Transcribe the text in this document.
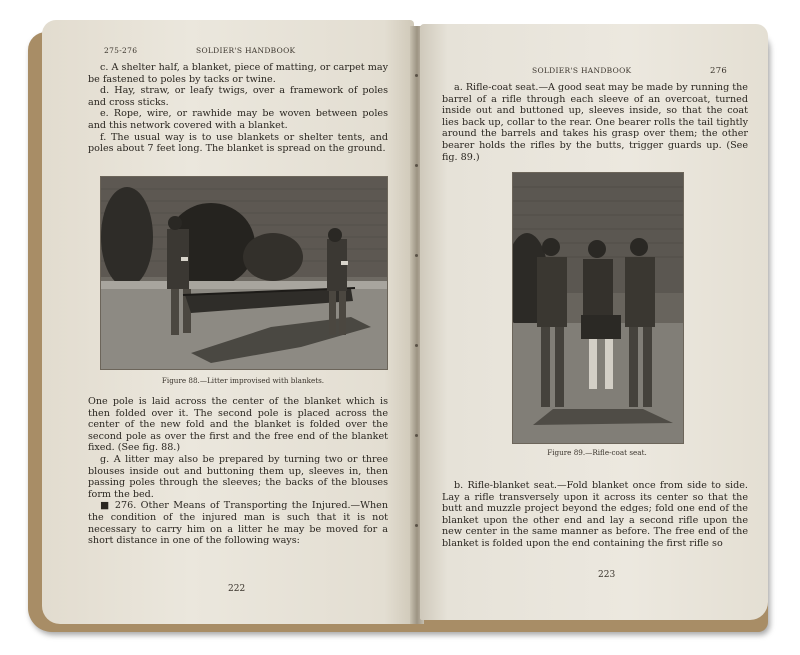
275-276	SOLDIER'S HANDBOOK

c. A shelter half, a blanket, piece of matting, or carpet may be fastened to poles by tacks or twine.

d. Hay, straw, or leafy twigs, over a framework of poles and cross sticks.

e. Rope, wire, or rawhide may be woven between poles and this network covered with a blanket.

f. The usual way is to use blankets or shelter tents, and poles about 7 feet long. The blanket is spread on the ground.

Figure 88.—Litter improvised with blankets.

One pole is laid across the center of the blanket which is then folded over it. The second pole is placed across the center of the new fold and the blanket is folded over the second pole as over the first and the free end of the blanket fixed. (See fig. 88.)

g. A litter may also be prepared by turning two or three blouses inside out and buttoning them up, sleeves in, then passing poles through the sleeves; the backs of the blouses form the bed.

■ 276. Other Means of Transporting the Injured.—When the condition of the injured man is such that it is not necessary to carry him on a litter he may be moved for a short distance in one of the following ways:

222
SOLDIER'S HANDBOOK	276

a. Rifle-coat seat.—A good seat may be made by running the barrel of a rifle through each sleeve of an overcoat, turned inside out and buttoned up, sleeves inside, so that the coat lies back up, collar to the rear. One bearer rolls the tail tightly around the barrels and takes his grasp over them; the other bearer holds the rifles by the butts, trigger guards up. (See fig. 89.)

Figure 89.—Rifle-coat seat.

b. Rifle-blanket seat.—Fold blanket once from side to side. Lay a rifle transversely upon it across its center so that the butt and muzzle project beyond the edges; fold one end of the blanket upon the other end and lay a second rifle upon the new center in the same manner as before. The free end of the blanket is folded upon the end containing the first rifle so

223
